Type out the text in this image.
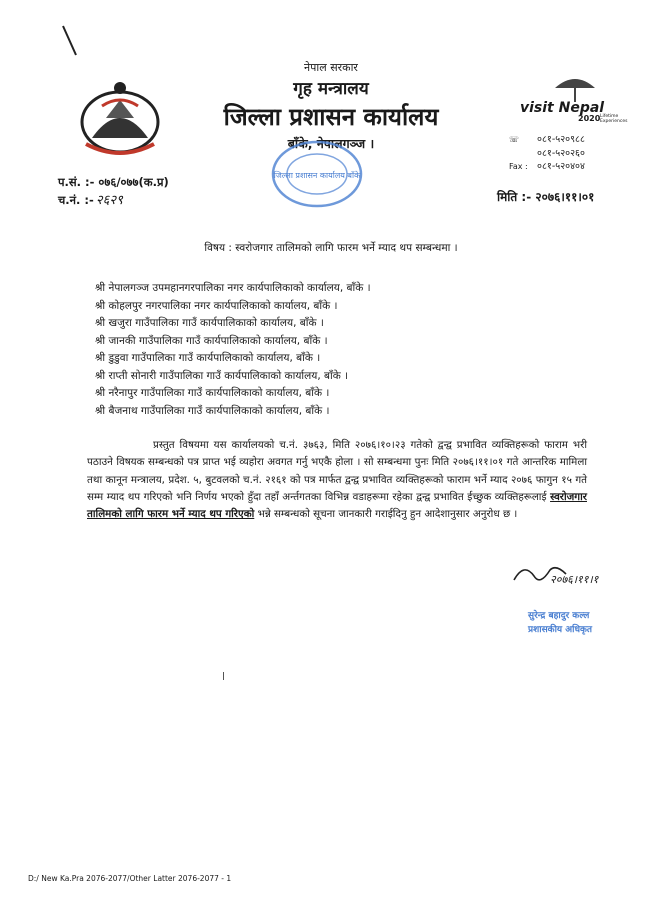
नेपाल सरकार
गृह मन्त्रालय
जिल्ला प्रशासन कार्यालय
बाँके, नेपालगञ्ज ।
जिल्ला प्रशासन कार्यालय बाँके
visit Nepal
2020 Lifetime Experiences
☏	०८१-५२०९८८
०८१-५२०२६०
Fax : ०८१-५२०४०४
प.सं. :- ०७६/०७७(क.प्र)
च.नं. :- २६२९	मिति :- २०७६।११।०१
विषय : स्वरोजगार तालिमको लागि फारम भर्ने म्याद थप सम्बन्धमा ।
श्री नेपालगञ्ज उपमहानगरपालिका नगर कार्यपालिकाको कार्यालय, बाँके ।
श्री कोहलपुर नगरपालिका नगर कार्यपालिकाको कार्यालय, बाँके ।
श्री खजुरा गाउँपालिका गाउँ कार्यपालिकाको कार्यालय, बाँके ।
श्री जानकी गाउँपालिका गाउँ कार्यपालिकाको कार्यालय, बाँके ।
श्री डुडुवा गाउँपालिका गाउँ कार्यपालिकाको कार्यालय, बाँके ।
श्री राप्ती सोनारी गाउँपालिका गाउँ कार्यपालिकाको कार्यालय, बाँके ।
श्री नरैनापुर गाउँपालिका गाउँ कार्यपालिकाको कार्यालय, बाँके ।
श्री बैजनाथ गाउँपालिका गाउँ कार्यपालिकाको कार्यालय, बाँके ।
प्रस्तुत विषयमा यस कार्यालयको च.नं. ३७६३, मिति २०७६।१०।२३ गतेको द्वन्द्व प्रभावित व्यक्तिहरूको फाराम भरी पठाउने विषयक सम्बन्धको पत्र प्राप्त भई व्यहोरा अवगत गर्नु भएकै होला । सो सम्बन्धमा पुनः मिति २०७६।११।०१ गते आन्तरिक मामिला तथा कानून मन्त्रालय, प्रदेश. ५, बुटवलको च.नं. २१६१ को पत्र मार्फत द्वन्द्व प्रभावित व्यक्तिहरूको फाराम भर्ने म्याद २०७६ फागुन १५ गते सम्म म्याद थप गरिएको भनि निर्णय भएको हुँदा तहाँ अर्न्तगतका विभिन्न वडाहरूमा रहेका द्वन्द्व प्रभावित ईच्छुक व्यक्तिहरूलाई स्वरोजगार तालिमको लागि फारम भर्ने म्याद थप गरिएको भन्ने सम्बन्धको सूचना जानकारी गराईदिनु हुन आदेशानुसार अनुरोध छ ।
२०७६।११।१
सुरेन्द्र बहादुर कल्ल
प्रशासकीय अधिकृत
D:/ New Ka.Pra 2076-2077/Other Latter 2076-2077 - 1
